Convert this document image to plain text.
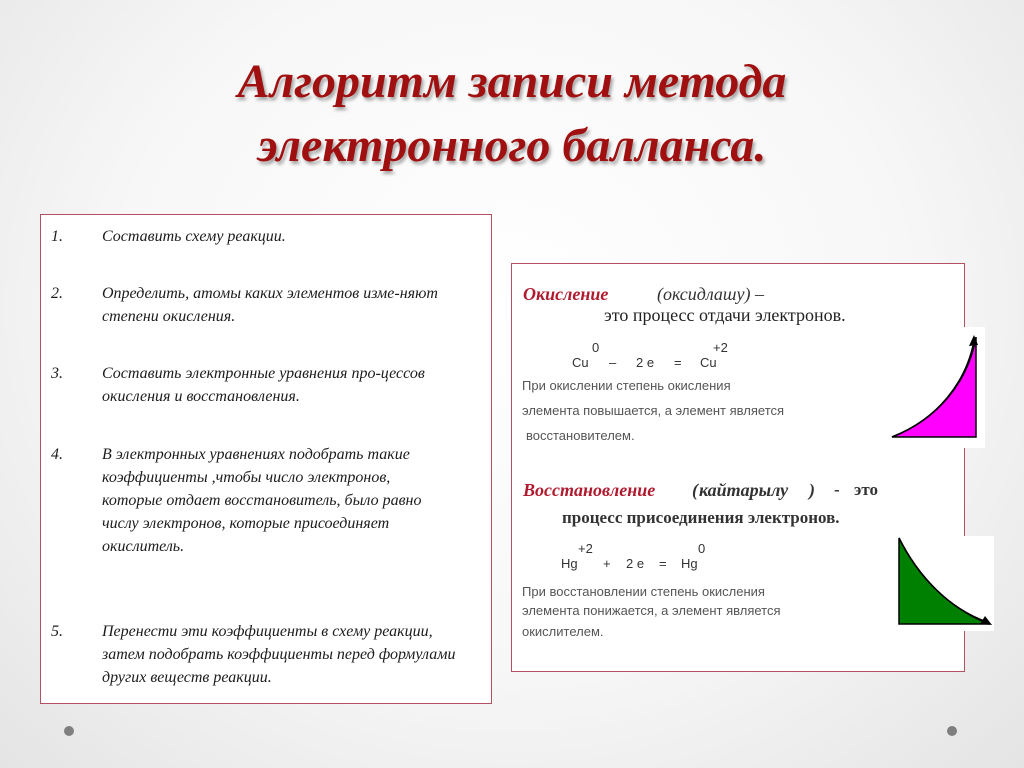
Алгоритм записи метода
электронного балланса.
1. Составить схему реакции.
2. Определить, атомы каких элементов изме-няют степени окисления.
3. Составить электронные уравнения про-цессов окисления и восстановления.
4. В электронных уравнениях подобрать такие коэффициенты ,чтобы число электронов, которые отдает восстановитель, было равно числу электронов, которые присоединяет окислитель.
5. Перенести эти коэффициенты в схему реакции, затем подобрать коэффициенты перед формулами других веществ реакции.
Окисление	(оксидлашу) –
это процесс отдачи электронов.
0
Cu – 2 e =
+2
Cu
При окислении степень окисления
элемента повышается, а элемент является
восстановителем.
Восстановление ( кайтарылу ) - это
процесс присоединения электронов.
+2
Hg + 2 e =
0
Hg
При восстановлении степень окисления
элемента понижается, а элемент является
окислителем.
